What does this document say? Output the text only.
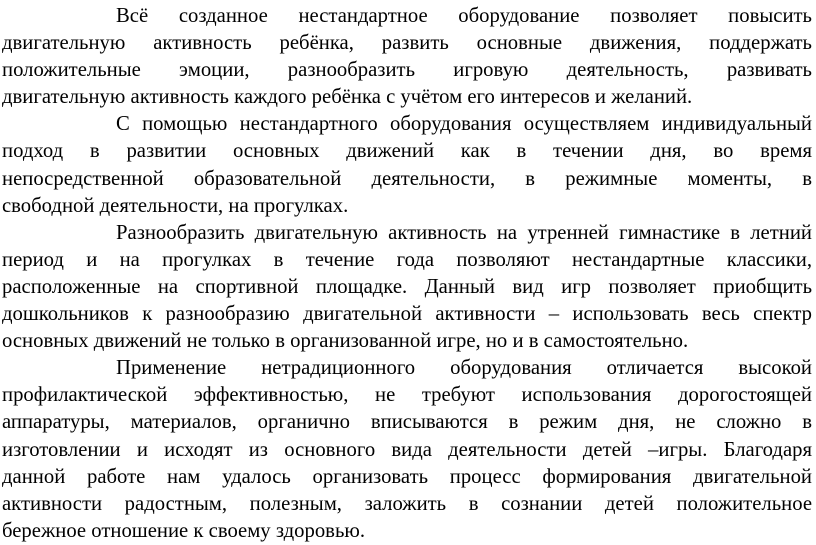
Всё созданное нестандартное оборудование позволяет повысить
двигательную активность ребёнка, развить основные движения, поддержать
положительные эмоции, разнообразить игровую деятельность, развивать
двигательную активность каждого ребёнка с учётом его интересов и желаний.
С помощью нестандартного оборудования осуществляем индивидуальный
подход в развитии основных движений как в течении дня, во время
непосредственной образовательной деятельности, в режимные моменты, в
свободной деятельности, на прогулках.
Разнообразить двигательную активность на утренней гимнастике в летний
период и на прогулках в течение года позволяют нестандартные классики,
расположенные на спортивной площадке. Данный вид игр позволяет приобщить
дошкольников к разнообразию двигательной активности – использовать весь спектр
основных движений не только в организованной игре, но и в самостоятельно.
Применение нетрадиционного оборудования отличается высокой
профилактической эффективностью, не требуют использования дорогостоящей
аппаратуры, материалов, органично вписываются в режим дня, не сложно в
изготовлении и исходят из основного вида деятельности детей –игры. Благодаря
данной работе нам удалось организовать процесс формирования двигательной
активности радостным, полезным, заложить в сознании детей положительное
бережное отношение к своему здоровью.
